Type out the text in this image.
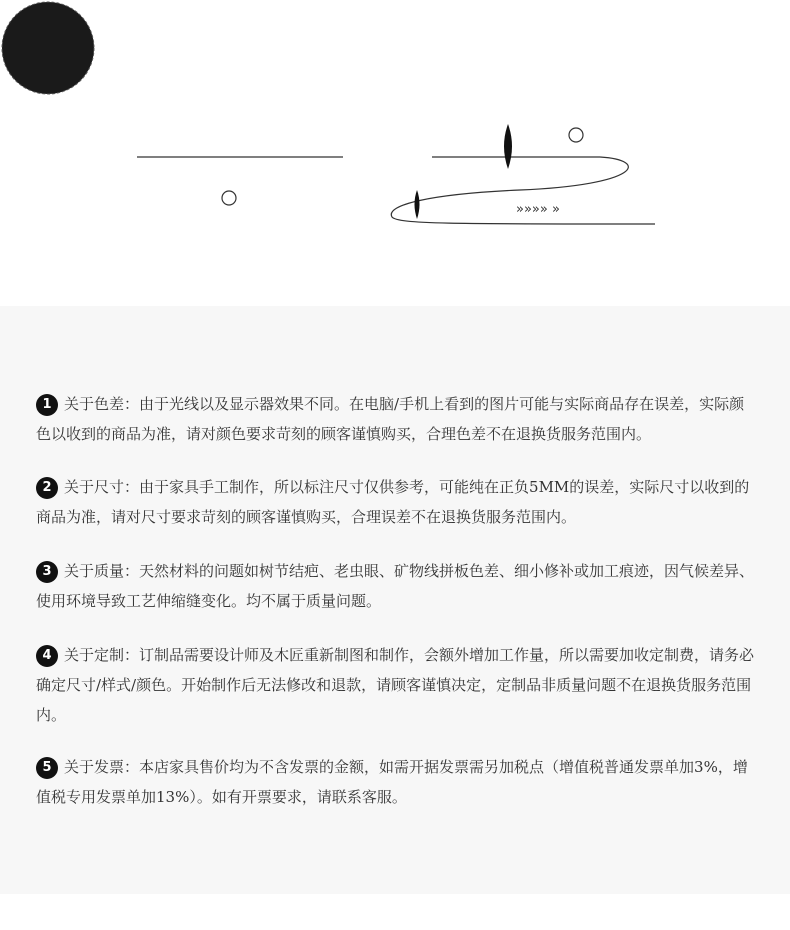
»»»» »
温馨
提示
1 关于色差：由于光线以及显示器效果不同。在电脑/手机上看到的图片可能与实际商品存在误差，实际颜色以收到的商品为准，请对颜色要求苛刻的顾客谨慎购买，合理色差不在退换货服务范围内。
2 关于尺寸：由于家具手工制作，所以标注尺寸仅供参考，可能纯在正负5MM的误差，实际尺寸以收到的商品为准，请对尺寸要求苛刻的顾客谨慎购买，合理误差不在退换货服务范围内。
3 关于质量：天然材料的问题如树节结疤、老虫眼、矿物线拼板色差、细小修补或加工痕迹，因气候差异、使用环境导致工艺伸缩缝变化。均不属于质量问题。
4 关于定制：订制品需要设计师及木匠重新制图和制作，会额外增加工作量，所以需要加收定制费，请务必确定尺寸/样式/颜色。开始制作后无法修改和退款，请顾客谨慎决定，定制品非质量问题不在退换货服务范围内。
5 关于发票：本店家具售价均为不含发票的金额，如需开据发票需另加税点（增值税普通发票单加3%，增值税专用发票单加13%）。如有开票要求，请联系客服。
